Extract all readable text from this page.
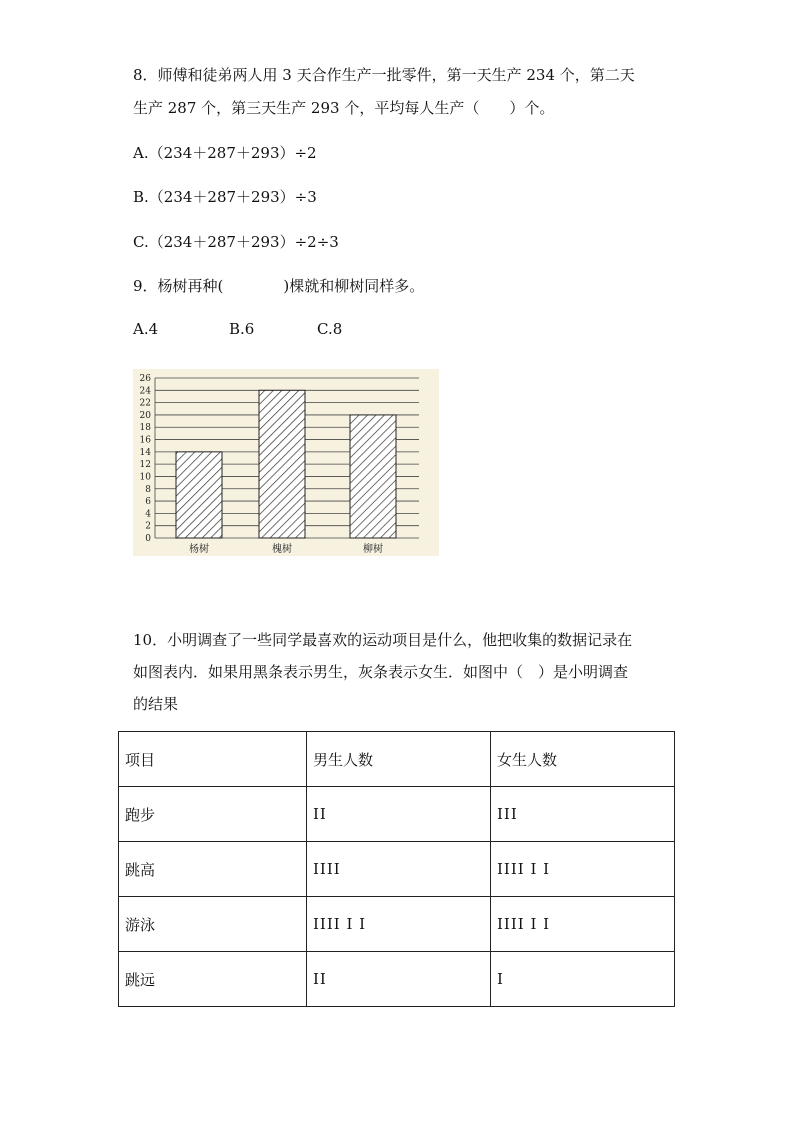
8．师傅和徒弟两人用 3 天合作生产一批零件，第一天生产 234 个，第二天
生产 287 个，第三天生产 293 个，平均每人生产（　　）个。
A.（234＋287＋293）÷2
B.（234＋287＋293）÷3
C.（234＋287＋293）÷2÷3
9．杨树再种(　　　　)棵就和柳树同样多。
A.4	B.6	C.8
0
2
4
6
8
10
12
14
16
18
20
22
24
26
杨树	槐树	柳树
10．小明调查了一些同学最喜欢的运动项目是什么，他把收集的数据记录在
如图表内．如果用黑条表示男生，灰条表示女生．如图中（　）是小明调查
的结果
项目	男生人数	女生人数
跑步	II	III
跳高	IIII	IIII I I
游泳	IIII I I	IIII I I
跳远	II	I
